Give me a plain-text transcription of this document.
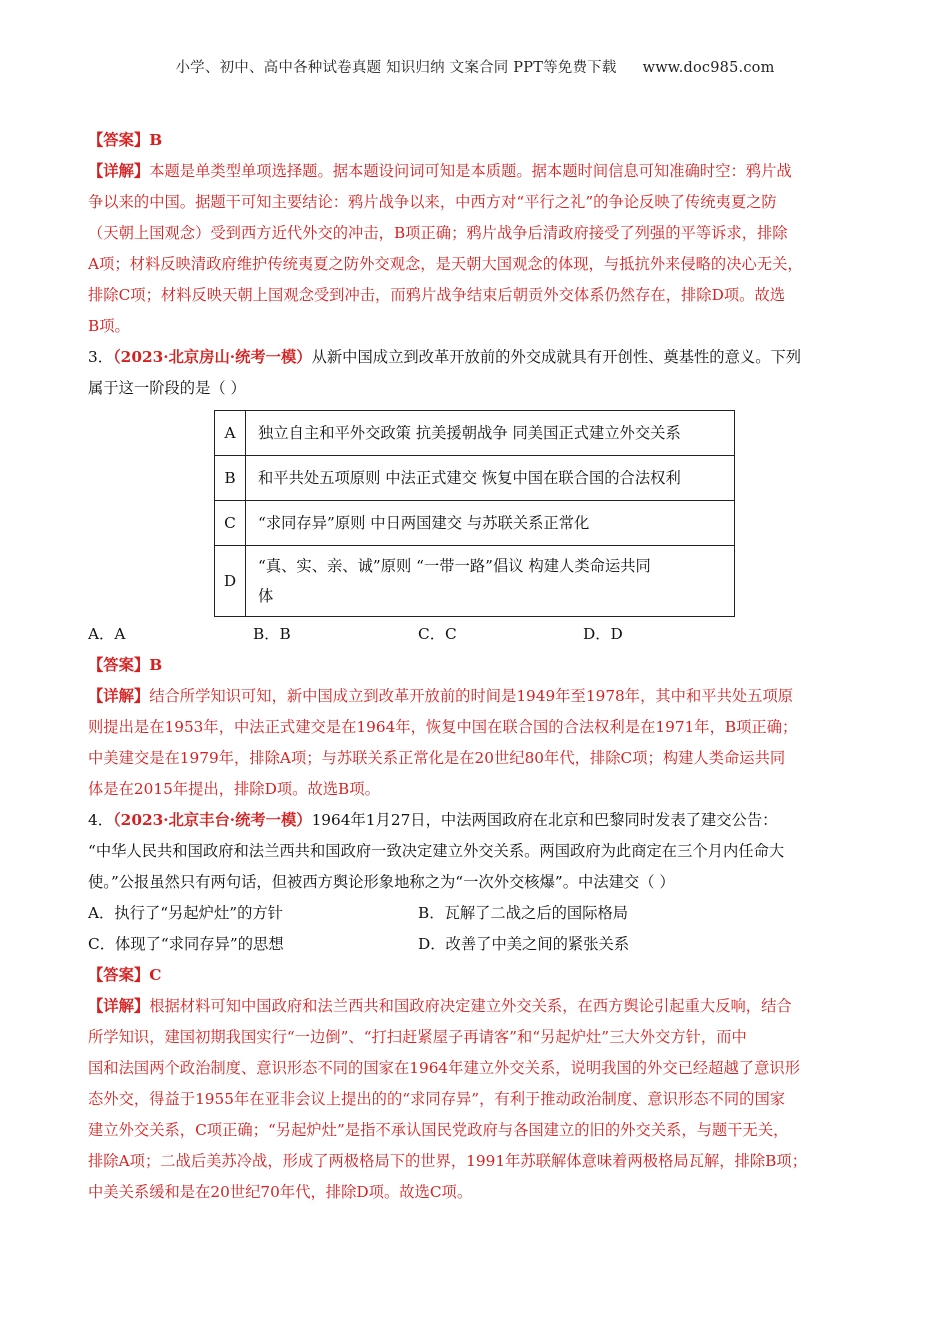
小学、初中、高中各种试卷真题 知识归纳 文案合同 PPT等免费下载 www.doc985.com
【答案】B
【详解】本题是单类型单项选择题。据本题设问词可知是本质题。据本题时间信息可知准确时空：鸦片战
争以来的中国。据题干可知主要结论：鸦片战争以来，中西方对“平行之礼”的争论反映了传统夷夏之防
（天朝上国观念）受到西方近代外交的冲击，B项正确；鸦片战争后清政府接受了列强的平等诉求，排除
A项；材料反映清政府维护传统夷夏之防外交观念，是天朝大国观念的体现，与抵抗外来侵略的决心无关，
排除C项；材料反映天朝上国观念受到冲击，而鸦片战争结束后朝贡外交体系仍然存在，排除D项。故选
B项。
3．（2023·北京房山·统考一模）从新中国成立到改革开放前的外交成就具有开创性、奠基性的意义。下列
属于这一阶段的是（ ）
A	独立自主和平外交政策 抗美援朝战争 同美国正式建立外交关系
B	和平共处五项原则 中法正式建交 恢复中国在联合国的合法权利
C	“求同存异”原则 中日两国建交 与苏联关系正常化
D	“真、实、亲、诚”原则 “一带一路”倡议 构建人类命运共同
体
A．A	B．B	C．C	D．D
【答案】B
【详解】结合所学知识可知，新中国成立到改革开放前的时间是1949年至1978年，其中和平共处五项原
则提出是在1953年，中法正式建交是在1964年，恢复中国在联合国的合法权利是在1971年，B项正确；
中美建交是在1979年，排除A项；与苏联关系正常化是在20世纪80年代，排除C项；构建人类命运共同
体是在2015年提出，排除D项。故选B项。
4．（2023·北京丰台·统考一模）1964年1月27日，中法两国政府在北京和巴黎同时发表了建交公告：
“中华人民共和国政府和法兰西共和国政府一致决定建立外交关系。两国政府为此商定在三个月内任命大
使。”公报虽然只有两句话，但被西方舆论形象地称之为“一次外交核爆”。中法建交（ ）
A．执行了“另起炉灶”的方针	B．瓦解了二战之后的国际格局
C．体现了“求同存异”的思想	D．改善了中美之间的紧张关系
【答案】C
【详解】根据材料可知中国政府和法兰西共和国政府决定建立外交关系，在西方舆论引起重大反响，结合
所学知识，建国初期我国实行“一边倒”、“打扫赶紧屋子再请客”和“另起炉灶”三大外交方针，而中
国和法国两个政治制度、意识形态不同的国家在1964年建立外交关系，说明我国的外交已经超越了意识形
态外交，得益于1955年在亚非会议上提出的的“求同存异”，有利于推动政治制度、意识形态不同的国家
建立外交关系，C项正确；“另起炉灶”是指不承认国民党政府与各国建立的旧的外交关系，与题干无关，
排除A项；二战后美苏冷战，形成了两极格局下的世界，1991年苏联解体意味着两极格局瓦解，排除B项；
中美关系缓和是在20世纪70年代，排除D项。故选C项。
